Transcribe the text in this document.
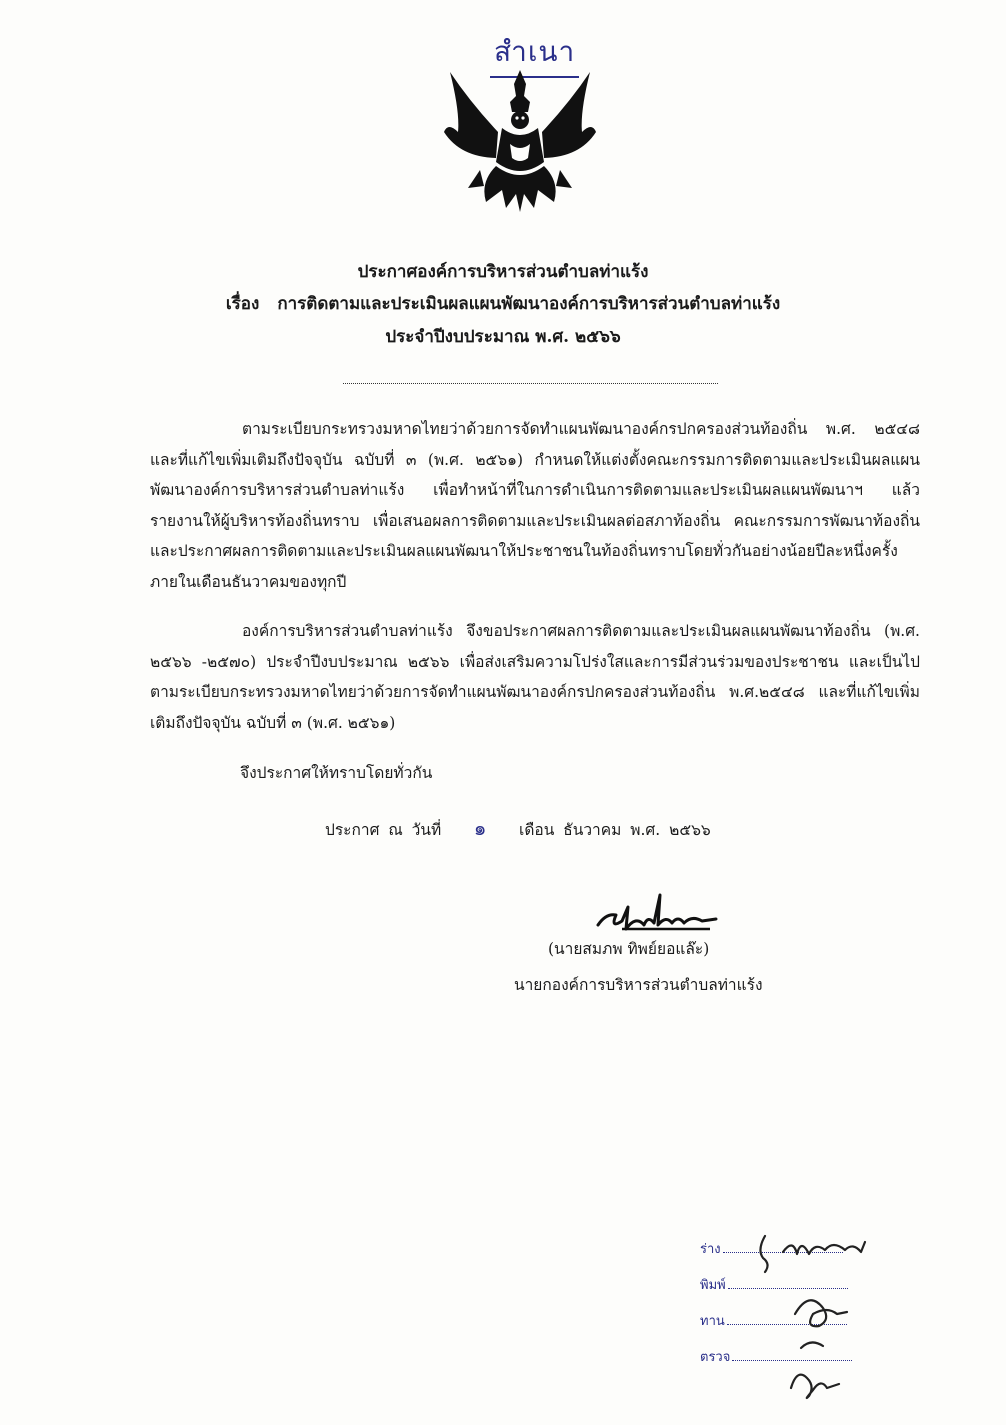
สำเนา
ประกาศองค์การบริหารส่วนตำบลท่าแร้ง
เรื่อง การติดตามและประเมินผลแผนพัฒนาองค์การบริหารส่วนตำบลท่าแร้ง
ประจำปีงบประมาณ พ.ศ. ๒๕๖๖
ตามระเบียบกระทรวงมหาดไทยว่าด้วยการจัดทำแผนพัฒนาองค์กรปกครองส่วนท้องถิ่น พ.ศ. ๒๕๔๘ และที่แก้ไขเพิ่มเติมถึงปัจจุบัน ฉบับที่ ๓ (พ.ศ. ๒๕๖๑) กำหนดให้แต่งตั้งคณะกรรมการติดตามและประเมินผลแผนพัฒนาองค์การบริหารส่วนตำบลท่าแร้ง เพื่อทำหน้าที่ในการดำเนินการติดตามและประเมินผลแผนพัฒนาฯ แล้วรายงานให้ผู้บริหารท้องถิ่นทราบ เพื่อเสนอผลการติดตามและประเมินผลต่อสภาท้องถิ่น คณะกรรมการพัฒนาท้องถิ่น และประกาศผลการติดตามและประเมินผลแผนพัฒนาให้ประชาชนในท้องถิ่นทราบโดยทั่วกันอย่างน้อยปีละหนึ่งครั้ง ภายในเดือนธันวาคมของทุกปี
องค์การบริหารส่วนตำบลท่าแร้ง จึงขอประกาศผลการติดตามและประเมินผลแผนพัฒนาท้องถิ่น (พ.ศ. ๒๕๖๖ -๒๕๗๐) ประจำปีงบประมาณ ๒๕๖๖ เพื่อส่งเสริมความโปร่งใสและการมีส่วนร่วมของประชาชน และเป็นไปตามระเบียบกระทรวงมหาดไทยว่าด้วยการจัดทำแผนพัฒนาองค์กรปกครองส่วนท้องถิ่น พ.ศ.๒๕๔๘ และที่แก้ไขเพิ่มเติมถึงปัจจุบัน ฉบับที่ ๓ (พ.ศ. ๒๕๖๑)
จึงประกาศให้ทราบโดยทั่วกัน
ประกาศ ณ วันที่ ๑ เดือน ธันวาคม พ.ศ. ๒๕๖๖
(นายสมภพ ทิพย์ยอแล๊ะ)
นายกองค์การบริหารส่วนตำบลท่าแร้ง
ร่าง
พิมพ์
ทาน
ตรวจ
